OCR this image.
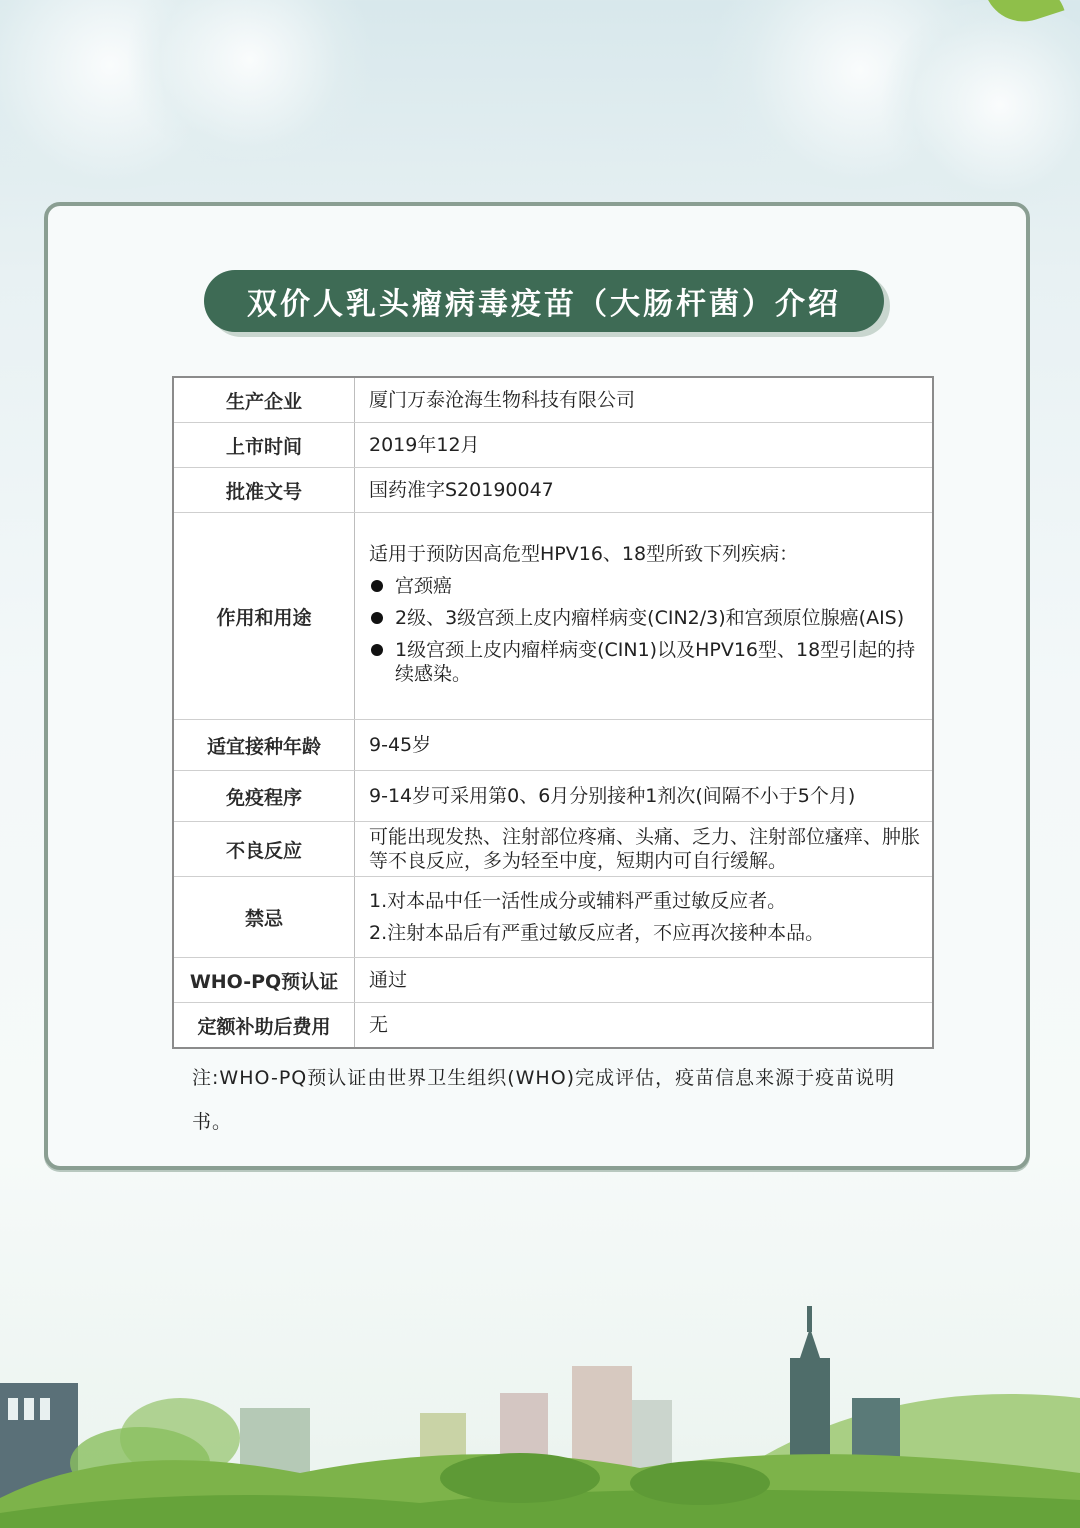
双价人乳头瘤病毒疫苗（大肠杆菌）介绍
生产企业	厦门万泰沧海生物科技有限公司
上市时间	2019年12月
批准文号	国药准字S20190047
作用和用途	适用于预防因高危型HPV16、18型所致下列疾病：

宫颈癌
2级、3级宫颈上皮内瘤样病变(CIN2/3)和宫颈原位腺癌(AIS)
1级宫颈上皮内瘤样病变(CIN1)以及HPV16型、18型引起的持续感染。

适宜接种年龄	9-45岁
免疫程序	9-14岁可采用第0、6月分别接种1剂次(间隔不小于5个月)
不良反应	可能出现发热、注射部位疼痛、头痛、乏力、注射部位瘙痒、肿胀等不良反应，多为轻至中度，短期内可自行缓解。
禁忌	1.对本品中任一活性成分或辅料严重过敏反应者。

2.注射本品后有严重过敏反应者，不应再次接种本品。

WHO-PQ预认证	通过
定额补助后费用	无
注:WHO-PQ预认证由世界卫生组织(WHO)完成评估，疫苗信息来源于疫苗说明书。
